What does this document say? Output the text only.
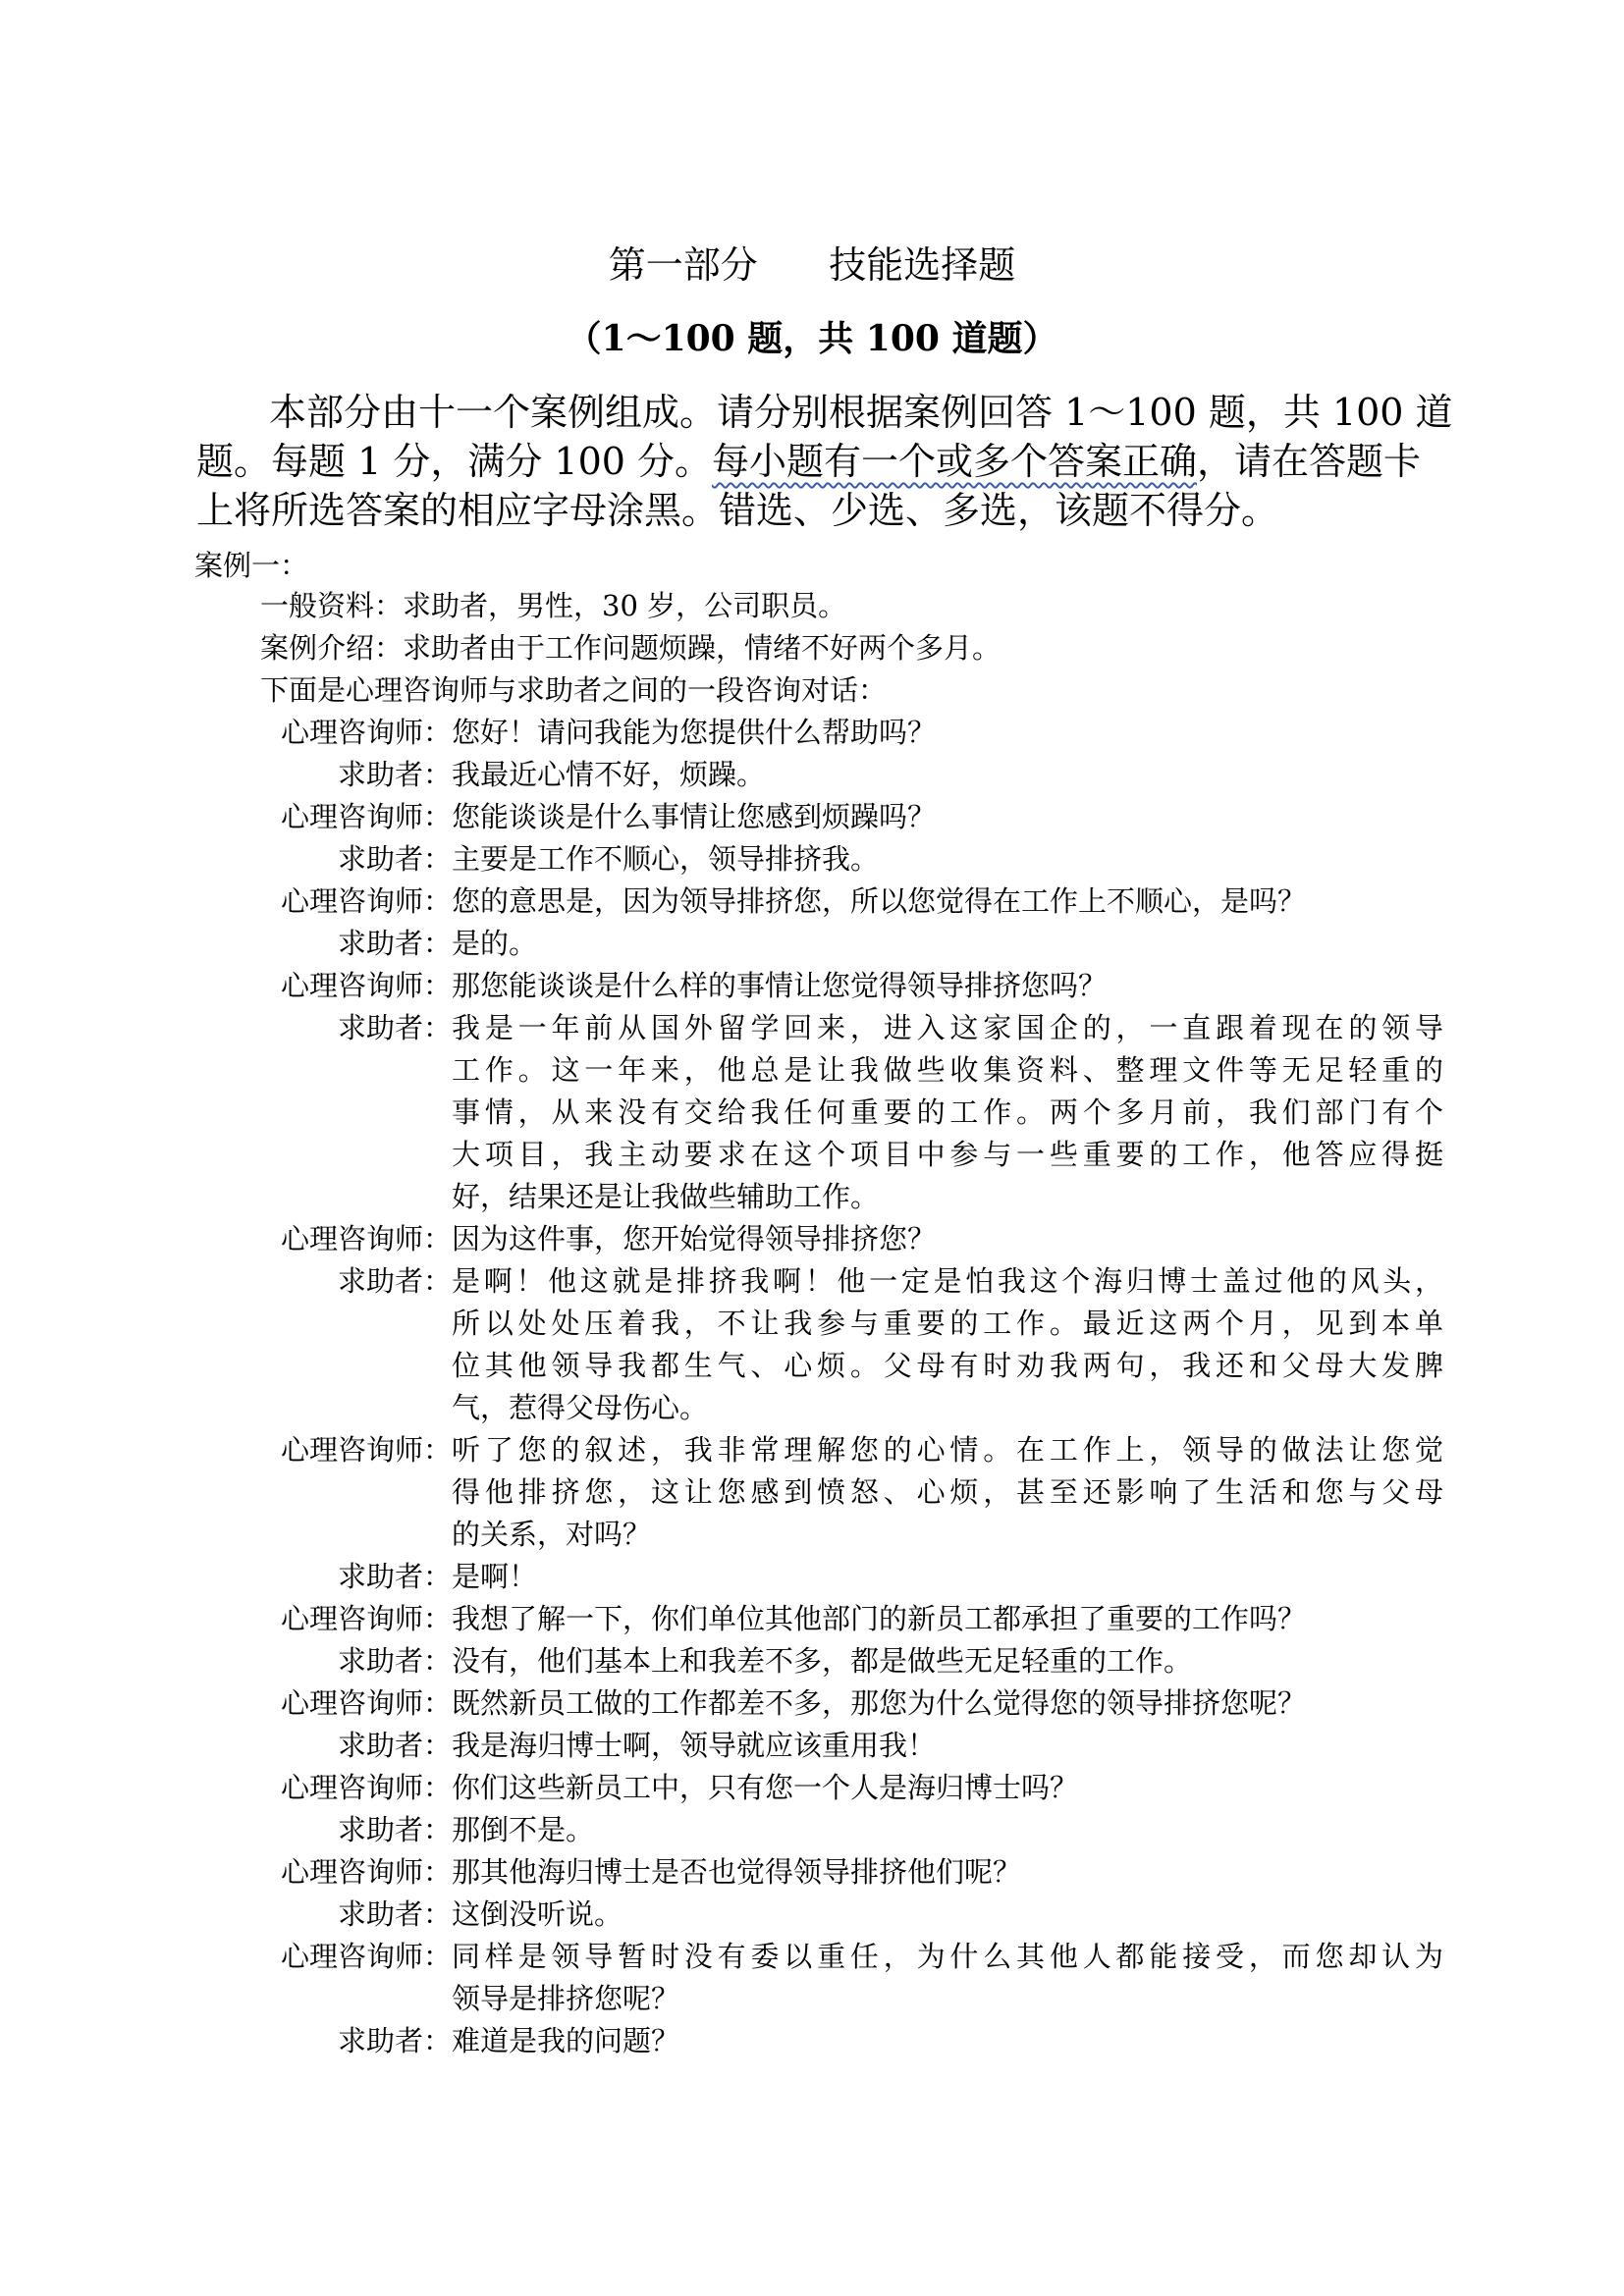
第一部分      技能选择题
（1～100 题，共 100 道题）
本部分由十一个案例组成。请分别根据案例回答 1～100 题，共 100 道
题。每题 1 分，满分 100 分。每小题有一个或多个答案正确，请在答题卡
上将所选答案的相应字母涂黑。错选、少选、多选，该题不得分。
案例一：
一般资料：求助者，男性，30 岁，公司职员。
案例介绍：求助者由于工作问题烦躁，情绪不好两个多月。
下面是心理咨询师与求助者之间的一段咨询对话：
心理咨询师： 您好！请问我能为您提供什么帮助吗？
求助者： 我最近心情不好，烦躁。
心理咨询师： 您能谈谈是什么事情让您感到烦躁吗？
求助者： 主要是工作不顺心，领导排挤我。
心理咨询师： 您的意思是，因为领导排挤您，所以您觉得在工作上不顺心，是吗？
求助者： 是的。
心理咨询师： 那您能谈谈是什么样的事情让您觉得领导排挤您吗？
求助者： 我是一年前从国外留学回来，进入这家国企的，一直跟着现在的领导
工作。这一年来，他总是让我做些收集资料、整理文件等无足轻重的
事情，从来没有交给我任何重要的工作。两个多月前，我们部门有个
大项目，我主动要求在这个项目中参与一些重要的工作，他答应得挺
好，结果还是让我做些辅助工作。
心理咨询师： 因为这件事，您开始觉得领导排挤您？
求助者： 是啊！他这就是排挤我啊！他一定是怕我这个海归博士盖过他的风头，
所以处处压着我，不让我参与重要的工作。最近这两个月，见到本单
位其他领导我都生气、心烦。父母有时劝我两句，我还和父母大发脾
气，惹得父母伤心。
心理咨询师： 听了您的叙述，我非常理解您的心情。在工作上，领导的做法让您觉
得他排挤您，这让您感到愤怒、心烦，甚至还影响了生活和您与父母
的关系，对吗？
求助者： 是啊！
心理咨询师： 我想了解一下，你们单位其他部门的新员工都承担了重要的工作吗？
求助者： 没有，他们基本上和我差不多，都是做些无足轻重的工作。
心理咨询师： 既然新员工做的工作都差不多，那您为什么觉得您的领导排挤您呢？
求助者： 我是海归博士啊，领导就应该重用我！
心理咨询师： 你们这些新员工中，只有您一个人是海归博士吗？
求助者： 那倒不是。
心理咨询师： 那其他海归博士是否也觉得领导排挤他们呢？
求助者： 这倒没听说。
心理咨询师： 同样是领导暂时没有委以重任，为什么其他人都能接受，而您却认为
领导是排挤您呢？
求助者： 难道是我的问题？
